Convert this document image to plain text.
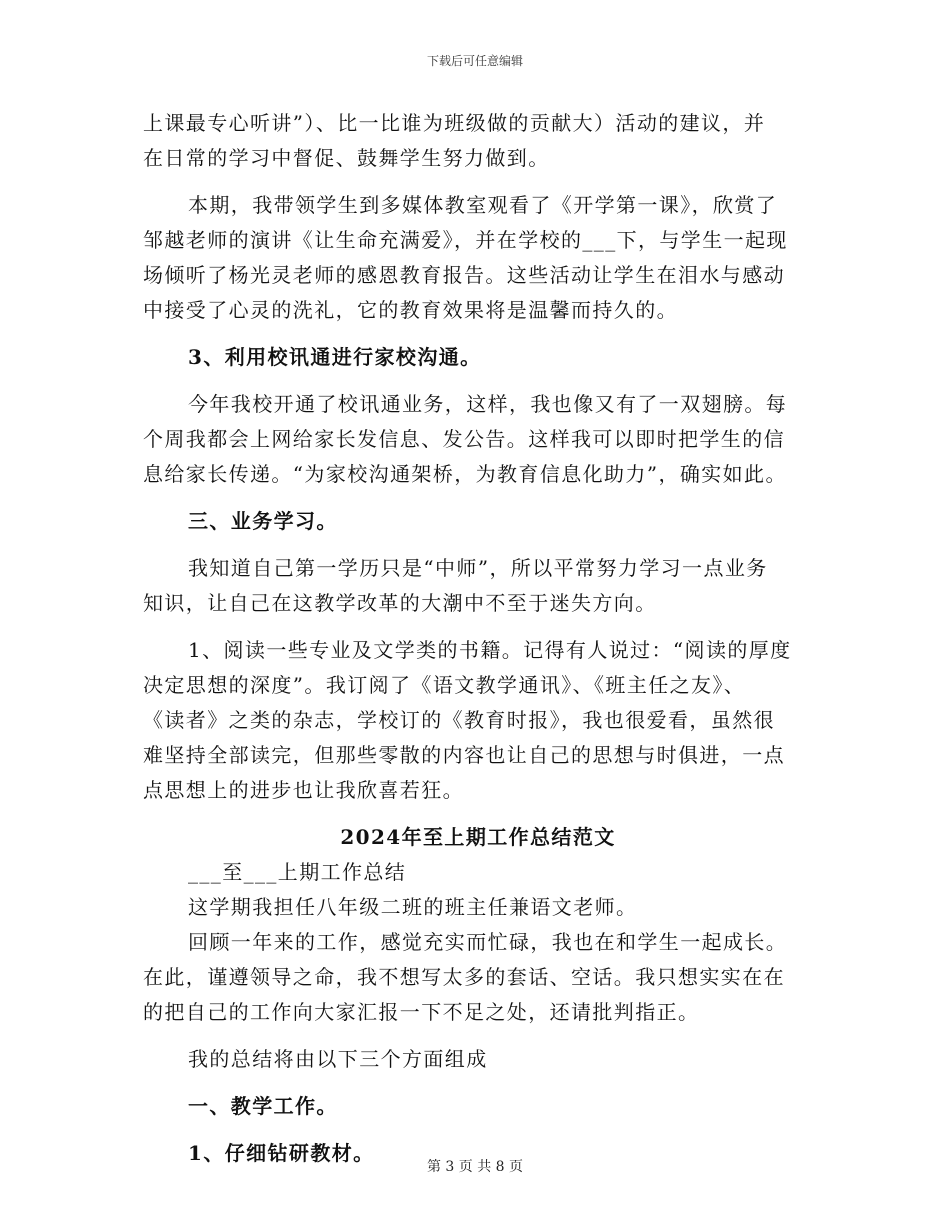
下载后可任意编辑

上课最专心听讲”）、比一比谁为班级做的贡献大）活动的建议，并

在日常的学习中督促、鼓舞学生努力做到。

本期，我带领学生到多媒体教室观看了《开学第一课》，欣赏了

邹越老师的演讲《让生命充满爱》，并在学校的___下，与学生一起现

场倾听了杨光灵老师的感恩教育报告。这些活动让学生在泪水与感动

中接受了心灵的洗礼，它的教育效果将是温馨而持久的。

3、利用校讯通进行家校沟通。

今年我校开通了校讯通业务，这样，我也像又有了一双翅膀。每

个周我都会上网给家长发信息、发公告。这样我可以即时把学生的信

息给家长传递。“为家校沟通架桥，为教育信息化助力”，确实如此。

三、业务学习。

我知道自己第一学历只是“中师”，所以平常努力学习一点业务

知识，让自己在这教学改革的大潮中不至于迷失方向。

1、阅读一些专业及文学类的书籍。记得有人说过：“阅读的厚度

决定思想的深度”。我订阅了《语文教学通讯》、《班主任之友》、

《读者》之类的杂志，学校订的《教育时报》，我也很爱看，虽然很

难坚持全部读完，但那些零散的内容也让自己的思想与时俱进，一点

点思想上的进步也让我欣喜若狂。

2024年至上期工作总结范文

___至___上期工作总结

这学期我担任八年级二班的班主任兼语文老师。

回顾一年来的工作，感觉充实而忙碌，我也在和学生一起成长。

在此，谨遵领导之命，我不想写太多的套话、空话。我只想实实在在

的把自己的工作向大家汇报一下不足之处，还请批判指正。

我的总结将由以下三个方面组成

一、教学工作。

1、仔细钻研教材。

第 3 页 共 8 页
